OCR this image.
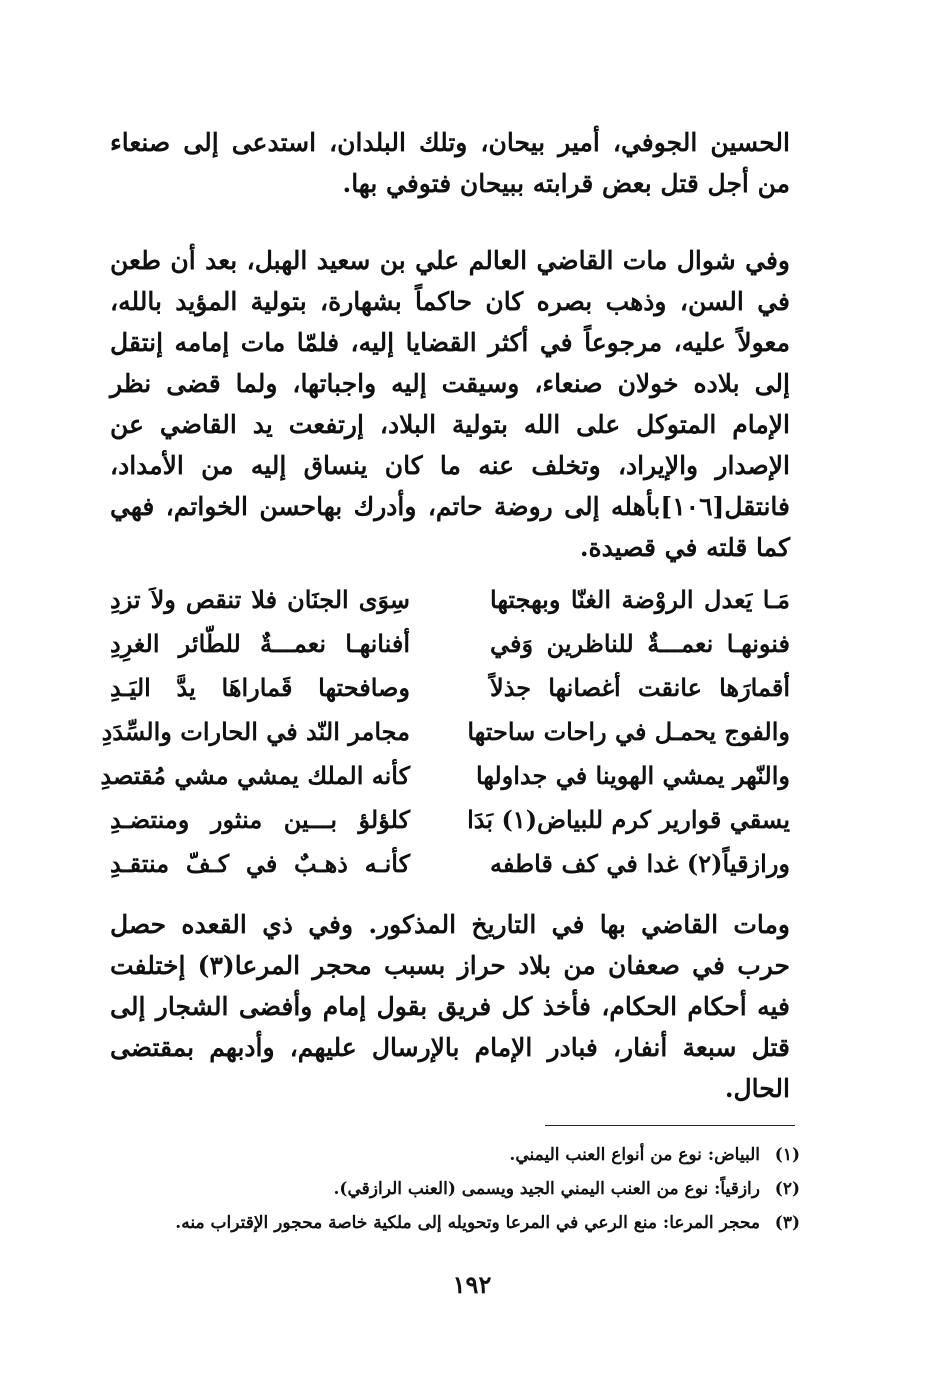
الحسين الجوفي، أمير بيحان، وتلك البلدان، استدعى إلى صنعاء من أجل قتل بعض قرابته ببيحان فتوفي بها.

وفي شوال مات القاضي العالم علي بن سعيد الهبل، بعد أن طعن في السن، وذهب بصره كان حاكماً بشهارة، بتولية المؤيد بالله، معولاً عليه، مرجوعاً في أكثر القضايا إليه، فلمّا مات إمامه إنتقل إلى بلاده خولان صنعاء، وسيقت إليه واجباتها، ولما قضى نظر الإمام المتوكل على الله بتولية البلاد، إرتفعت يد القاضي عن الإصدار والإيراد، وتخلف عنه ما كان ينساق إليه من الأمداد، فانتقل[١٠٦]بأهله إلى روضة حاتم، وأدرك بهاحسن الخواتم، فهي كما قلته في قصيدة.

مَـا يَعدل الروْضة الغنّا وبهجتها
سِوَى الجنَان فلا تنقص ولاَ تزدِ
فنونهـا نعمـــةٌ للناظرين وَفي
أفنانهـا نعمـــةٌ للطّائر الغرِدِ
أقمارَها عانقت أغصانها جذلاً
وصافحتها قَماراهَا يدَّ اليَـدِ
والفوج يحمـل في راحات ساحتها
مجامر النّد في الحارات والسِّدَدِ
والنّهر يمشي الهوينا في جداولها
كأنه الملك يمشي مشي مُقتصدِ
يسقي قوارير كرم للبياض(١) بَدَا
كلؤلؤ بـــين منثور ومنتضـدِ
ورازقياً(٢) غدا في كف قاطفه
كأنـه ذهـبٌ في كـفّ منتقـدِ

ومات القاضي بها في التاريخ المذكور. وفي ذي القعده حصل حرب في صعفان من بلاد حراز بسبب محجر المرعا(٣) إختلفت فيه أحكام الحكام، فأخذ كل فريق بقول إمام وأفضى الشجار إلى قتل سبعة أنفار، فبادر الإمام بالإرسال عليهم، وأدبهم بمقتضى الحال.

(١)
البياض: نوع من أنواع العنب اليمني.
(٢)
رازقياً: نوع من العنب اليمني الجيد ويسمى (العنب الرازقي).
(٣)
محجر المرعا: منع الرعي في المرعا وتحويله إلى ملكية خاصة محجور الإقتراب منه.
١٩٢
